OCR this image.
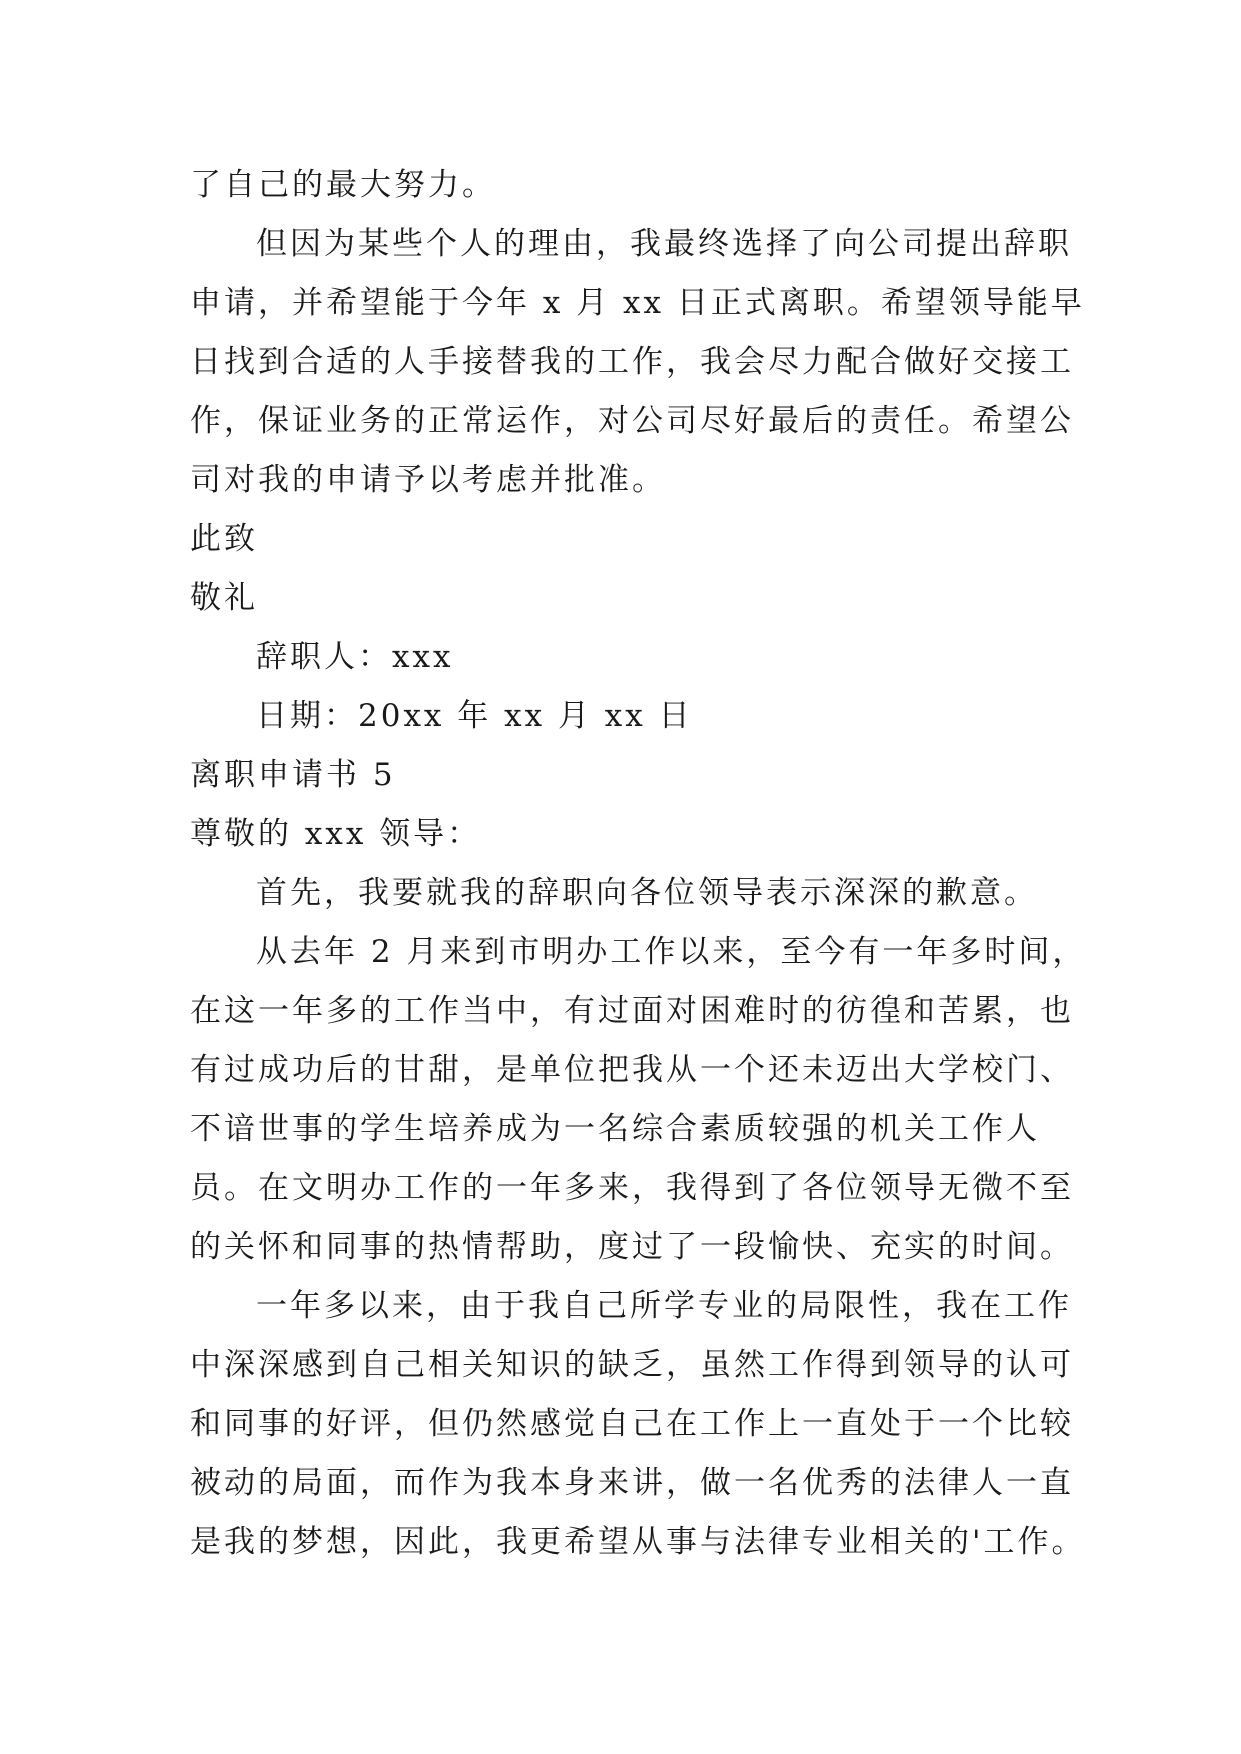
了自己的最大努力。
但因为某些个人的理由，我最终选择了向公司提出辞职
申请，并希望能于今年 x 月 xx 日正式离职。希望领导能早
日找到合适的人手接替我的工作，我会尽力配合做好交接工
作，保证业务的正常运作，对公司尽好最后的责任。希望公
司对我的申请予以考虑并批准。
此致
敬礼
辞职人：xxx
日期：20xx 年 xx 月 xx 日
离职申请书 5
尊敬的 xxx 领导：
首先，我要就我的辞职向各位领导表示深深的歉意。
从去年 2 月来到市明办工作以来，至今有一年多时间，
在这一年多的工作当中，有过面对困难时的彷徨和苦累，也
有过成功后的甘甜，是单位把我从一个还未迈出大学校门、
不谙世事的学生培养成为一名综合素质较强的机关工作人
员。在文明办工作的一年多来，我得到了各位领导无微不至
的关怀和同事的热情帮助，度过了一段愉快、充实的时间。
一年多以来，由于我自己所学专业的局限性，我在工作
中深深感到自己相关知识的缺乏，虽然工作得到领导的认可
和同事的好评，但仍然感觉自己在工作上一直处于一个比较
被动的局面，而作为我本身来讲，做一名优秀的法律人一直
是我的梦想，因此，我更希望从事与法律专业相关的'工作。
